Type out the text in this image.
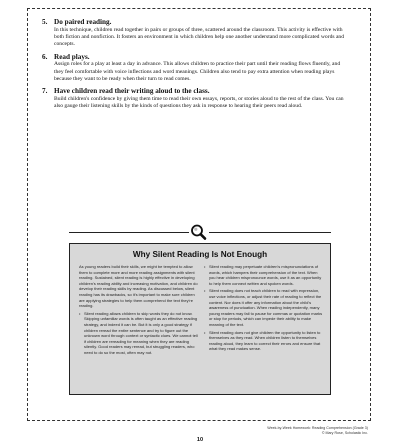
5. Do paired reading.
In this technique, children read together in pairs or groups of three, scattered around the classroom. This activity is effective with both fiction and nonfiction. It fosters an environment in which children help one another understand more complicated words and concepts.
6. Read plays.
Assign roles for a play at least a day in advance. This allows children to practice their part until their reading flows fluently, and they feel comfortable with voice inflections and word meanings. Children also tend to pay extra attention when reading plays because they want to be ready when their turn to read comes.
7. Have children read their writing aloud to the class.
Build children's confidence by giving them time to read their own essays, reports, or stories aloud to the rest of the class. You can also gauge their listening skills by the kinds of questions they ask in response to hearing their peers read aloud.
Why Silent Reading Is Not Enough

As young readers build their skills, we might be tempted to allow them to complete more and more reading assignments with silent reading. Sustained, silent reading is highly effective in developing children's reading ability and increasing motivation, and children do develop their reading skills by reading. As discussed below, silent reading has its drawbacks, so it's important to make sure children are applying strategies to help them comprehend the text they're reading.

• Silent reading allows children to skip words they do not know. Skipping unfamiliar words is often taught as an effective reading strategy, and indeed it can be. But it is only a good strategy if children reread the entire sentence and try to figure out the unknown word through context or syntactic clues. We cannot tell if children are rereading for meaning when they are reading silently. Good readers may reread, but struggling readers, who need to do so the most, often may not.
• Silent reading may perpetuate children's mispronunciations of words, which hampers their comprehension of the text. When you hear children mispronounce words, use it as an opportunity to help them connect written and spoken words.
• Silent reading does not teach children to read with expression, use voice inflections, or adjust their rate of reading to reflect the content. Nor does it offer any information about the child's awareness of punctuation. When reading independently, many young readers may fail to pause for commas or quotation marks or stop for periods, which can impede their ability to make meaning of the text.
• Silent reading does not give children the opportunity to listen to themselves as they read. When children listen to themselves reading aloud, they learn to correct their errors and ensure that what they read makes sense.
Week-by-Week Homework: Reading Comprehension (Grade 3)
© Mary Rose, Scholastic Inc.
10
